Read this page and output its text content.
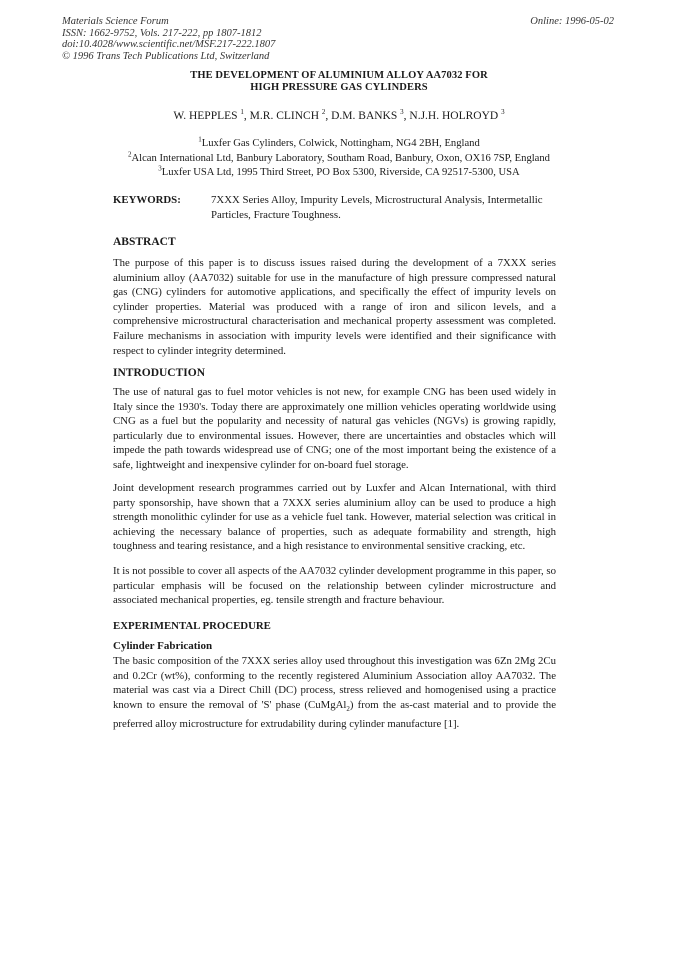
Materials Science Forum
ISSN: 1662-9752, Vols. 217-222, pp 1807-1812
doi:10.4028/www.scientific.net/MSF.217-222.1807
© 1996 Trans Tech Publications Ltd, Switzerland
Online: 1996-05-02
THE DEVELOPMENT OF ALUMINIUM ALLOY AA7032 FOR
HIGH PRESSURE GAS CYLINDERS
W. HEPPLES $^1$, M.R. CLINCH $^2$, D.M. BANKS $^3$, N.J.H. HOLROYD $^3$
$^1$Luxfer Gas Cylinders, Colwick, Nottingham, NG4 2BH, England
$^2$Alcan International Ltd, Banbury Laboratory, Southam Road, Banbury, Oxon, OX16 7SP, England
$^3$Luxfer USA Ltd, 1995 Third Street, PO Box 5300, Riverside, CA 92517-5300, USA
KEYWORDS:	7XXX Series Alloy, Impurity Levels, Microstructural Analysis, Intermetallic Particles, Fracture Toughness.
ABSTRACT

The purpose of this paper is to discuss issues raised during the development of a 7XXX series aluminium alloy (AA7032) suitable for use in the manufacture of high pressure compressed natural gas (CNG) cylinders for automotive applications, and specifically the effect of impurity levels on cylinder properties. Material was produced with a range of iron and silicon levels, and a comprehensive microstructural characterisation and mechanical property assessment was completed. Failure mechanisms in association with impurity levels were identified and their significance with respect to cylinder integrity determined.

INTRODUCTION

The use of natural gas to fuel motor vehicles is not new, for example CNG has been used widely in Italy since the 1930's. Today there are approximately one million vehicles operating worldwide using CNG as a fuel but the popularity and necessity of natural gas vehicles (NGVs) is growing rapidly, particularly due to environmental issues. However, there are uncertainties and obstacles which will impede the path towards widespread use of CNG; one of the most important being the existence of a safe, lightweight and inexpensive cylinder for on-board fuel storage.

Joint development research programmes carried out by Luxfer and Alcan International, with third party sponsorship, have shown that a 7XXX series aluminium alloy can be used to produce a high strength monolithic cylinder for use as a vehicle fuel tank. However, material selection was critical in achieving the necessary balance of properties, such as adequate formability and strength, high toughness and tearing resistance, and a high resistance to environmental sensitive cracking, etc.

It is not possible to cover all aspects of the AA7032 cylinder development programme in this paper, so particular emphasis will be focused on the relationship between cylinder microstructure and associated mechanical properties, eg. tensile strength and fracture behaviour.

EXPERIMENTAL PROCEDURE
Cylinder Fabrication

The basic composition of the 7XXX series alloy used throughout this investigation was 6Zn 2Mg 2Cu and 0.2Cr (wt%), conforming to the recently registered Aluminium Association alloy AA7032. The material was cast via a Direct Chill (DC) process, stress relieved and homogenised using a practice known to ensure the removal of 'S' phase (CuMgAl$_2$) from the as-cast material and to provide the preferred alloy microstructure for extrudability during cylinder manufacture [1].
